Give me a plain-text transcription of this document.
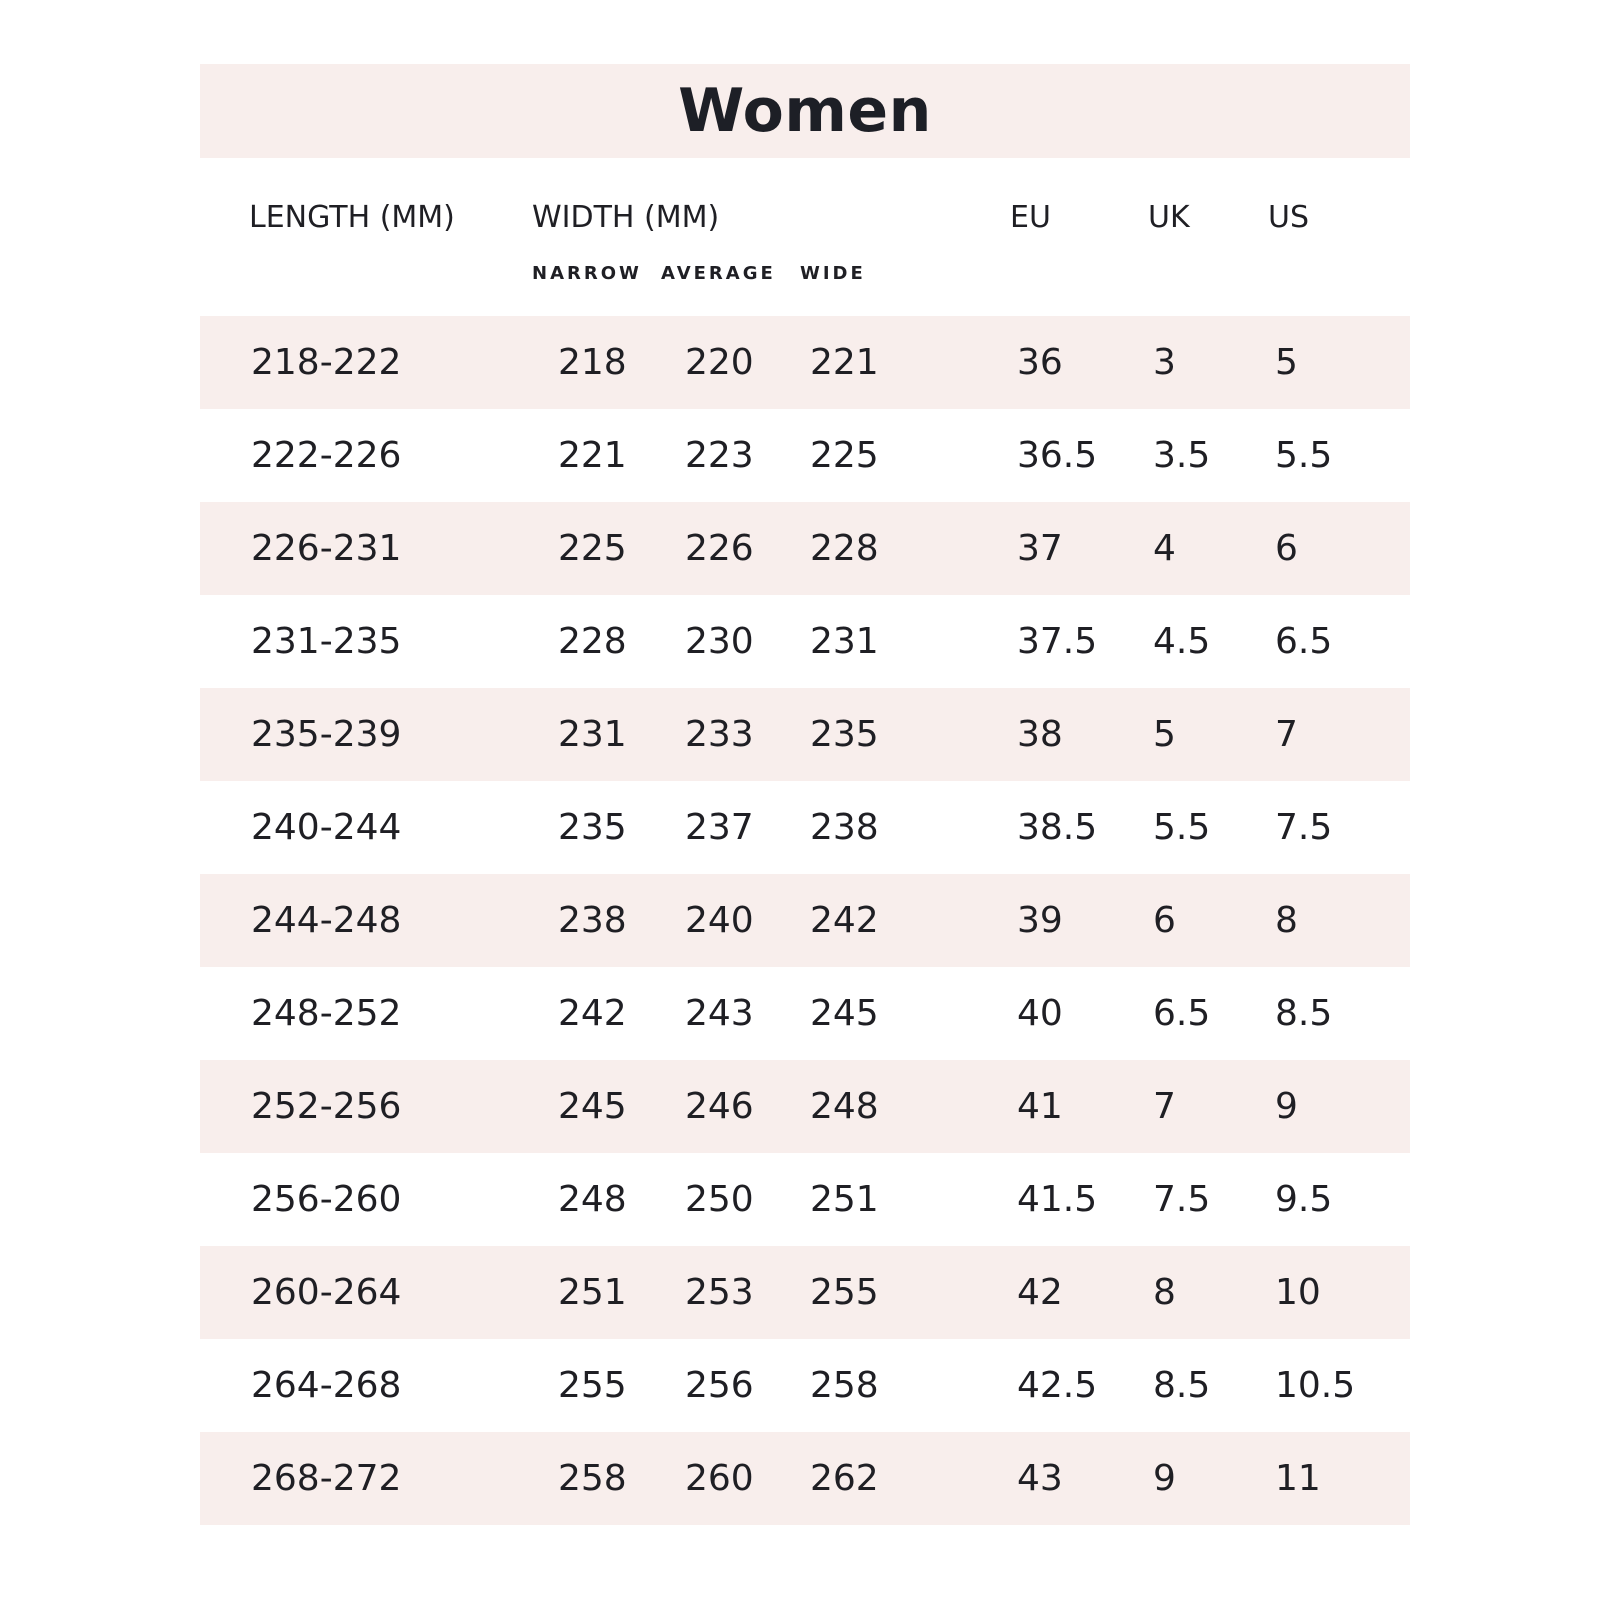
Women
LENGTH (MM)	WIDTH (MM)	EU	UK	US
NARROW AVERAGE WIDE
218-222	218 220 221	36	3	5
222-226	221 223 225	36.5 3.5 5.5
226-231	225 226 228	37	4	6
231-235	228 230 231	37.5 4.5 6.5
235-239	231 233 235	38	5	7
240-244	235 237 238	38.5 5.5 7.5
244-248	238 240 242	39	6	8
248-252	242 243 245	40	6.5 8.5
252-256	245 246 248	41	7	9
256-260	248 250 251	41.5 7.5 9.5
260-264	251 253 255	42	8	10
264-268	255 256 258	42.5 8.5 10.5
268-272	258 260 262	43	9	11
